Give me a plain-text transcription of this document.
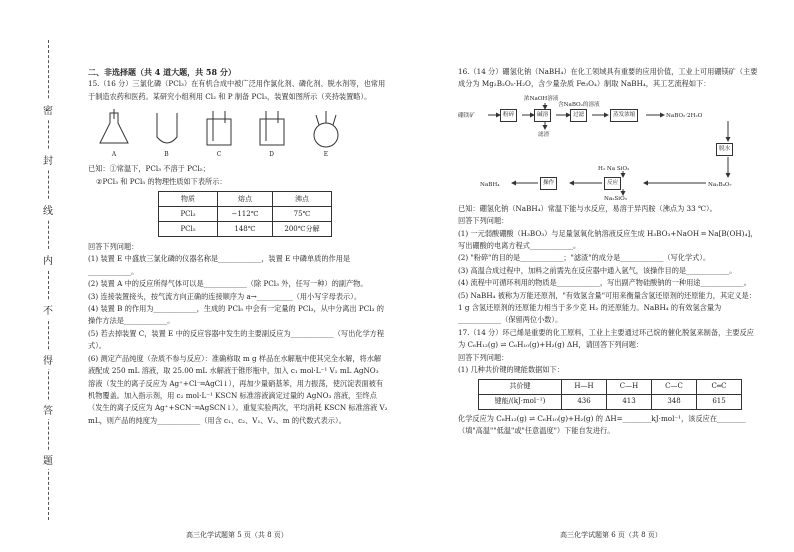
密
封
线
内
不
得
答
题

二、非选择题（共 4 道大题，共 58 分）

15.（16 分）三氯化磷（PCl₃）在有机合成中被广泛用作氯化剂、磷化剂、脱水剂等，也常用于制造农药和医药。某研究小组利用 Cl₂ 和 P 制备 PCl₃，装置如图所示（夹持装置略）。

A	B	C	D	E

已知：①常温下，PCl₃ 不溶于 PCl₅；

②PCl₃ 和 PCl₅ 的物理性质如下表所示：

物质	熔点	沸点
PCl₃	−112℃	75℃
PCl₅	148℃	200℃分解

回答下列问题：

(1) 装置 E 中盛放三氯化磷的仪器名称是____________，装置 E 中磷单质的作用是____________。

(2) 装置 A 中的反应所得气体可以是____________（除 PCl₃ 外，任写一种）的副产物。

(3) 连接装置接头，按气流方向正确的连接顺序为 a→__________（用小写字母表示）。

(4) 装置 B 的作用为____________，生成的 PCl₅ 中会有一定量的 PCl₃，从中分离出 PCl₃ 的操作方法是____________。

(5) 若去掉装置 C，装置 E 中的反应容器中发生的主要副反应为____________（写出化学方程式）。

(6) 测定产品纯度（杂质不参与反应）：准确称取 m g 样品在水解瓶中使其完全水解，将水解液配成 250 mL 溶液，取 25.00 mL 水解液于锥形瓶中，加入 c₁ mol·L⁻¹ V₁ mL AgNO₃ 溶液（发生的离子反应为 Ag⁺+Cl⁻═AgCl↓），再加少量硝基苯，用力振荡，使沉淀表面被有机物覆盖。加入指示剂，用 c₂ mol·L⁻¹ KSCN 标准溶液滴定过量的 AgNO₃ 溶液，至终点（发生的离子反应为 Ag⁺+SCN⁻═AgSCN↓）。重复实验两次，平均消耗 KSCN 标准溶液 V₂ mL，则产品的纯度为____________（用含 c₁、c₂、V₁、V₂、m 的代数式表示）。

高三化学试题第 5 页（共 8 页）

16.（14 分）硼氢化钠（NaBH₄）在化工领域具有重要的应用价值，工业上可用硼镁矿（主要成分为 Mg₂B₂O₅·H₂O，含少量杂质 Fe₃O₄）制取 NaBH₄，其工艺流程如下：

硼镁矿	粉碎	碱溶
浓NaOH溶液
滤渣
过滤
含NaBO₂的溶液
蒸发浓缩	NaBO₂·2H₂O
脱水
Na₂B₄O₇
反应
H₂ Na SiO₂
Na₂SiO₃
操作
NaBH₄

已知：硼氢化钠（NaBH₄）常温下能与水反应，易溶于异丙胺（沸点为 33 ℃）。

回答下列问题：

(1) 一元弱酸硼酸（H₃BO₃）与足量氢氧化钠溶液反应生成 H₃BO₃+NaOH ═ Na[B(OH)₄]，写出硼酸的电离方程式____________。

(2) "粉碎"的目的是____________；"滤渣"的成分是____________（写化学式）。

(3) 高温合成过程中，加料之前需先在反应器中通入氩气，该操作目的是____________。

(4) 流程中可循环利用的物质是____________，写出副产物硅酸钠的一种用途____________。

(5) NaBH₄ 被称为万能还原剂，"有效氢含量"可用来衡量含氢还原剂的还原能力，其定义是：1 g 含氢还原剂的还原能力相当于多少克 H₂ 的还原能力。NaBH₄ 的有效氢含量为____________（保留两位小数）。

17.（14 分）环己烯是重要的化工原料，工业上主要通过环己烷的催化脱氢来制备，主要反应为 C₆H₁₂(g) ⇌ C₆H₁₀(g)+H₂(g) ΔH，请回答下列问题：

回答下列问题：

(1) 几种共价键的键能数据如下：

共价键	H—H	C—H	C—C	C═C
键能/(kJ·mol⁻¹)	436	413	348	615

化学反应为 C₆H₁₂(g) ⇌ C₆H₁₀(g)+H₂(g) 的 ΔH=________kJ·mol⁻¹，该反应在________（填"高温""低温"或"任意温度"）下能自发进行。

高三化学试题第 6 页（共 8 页）
